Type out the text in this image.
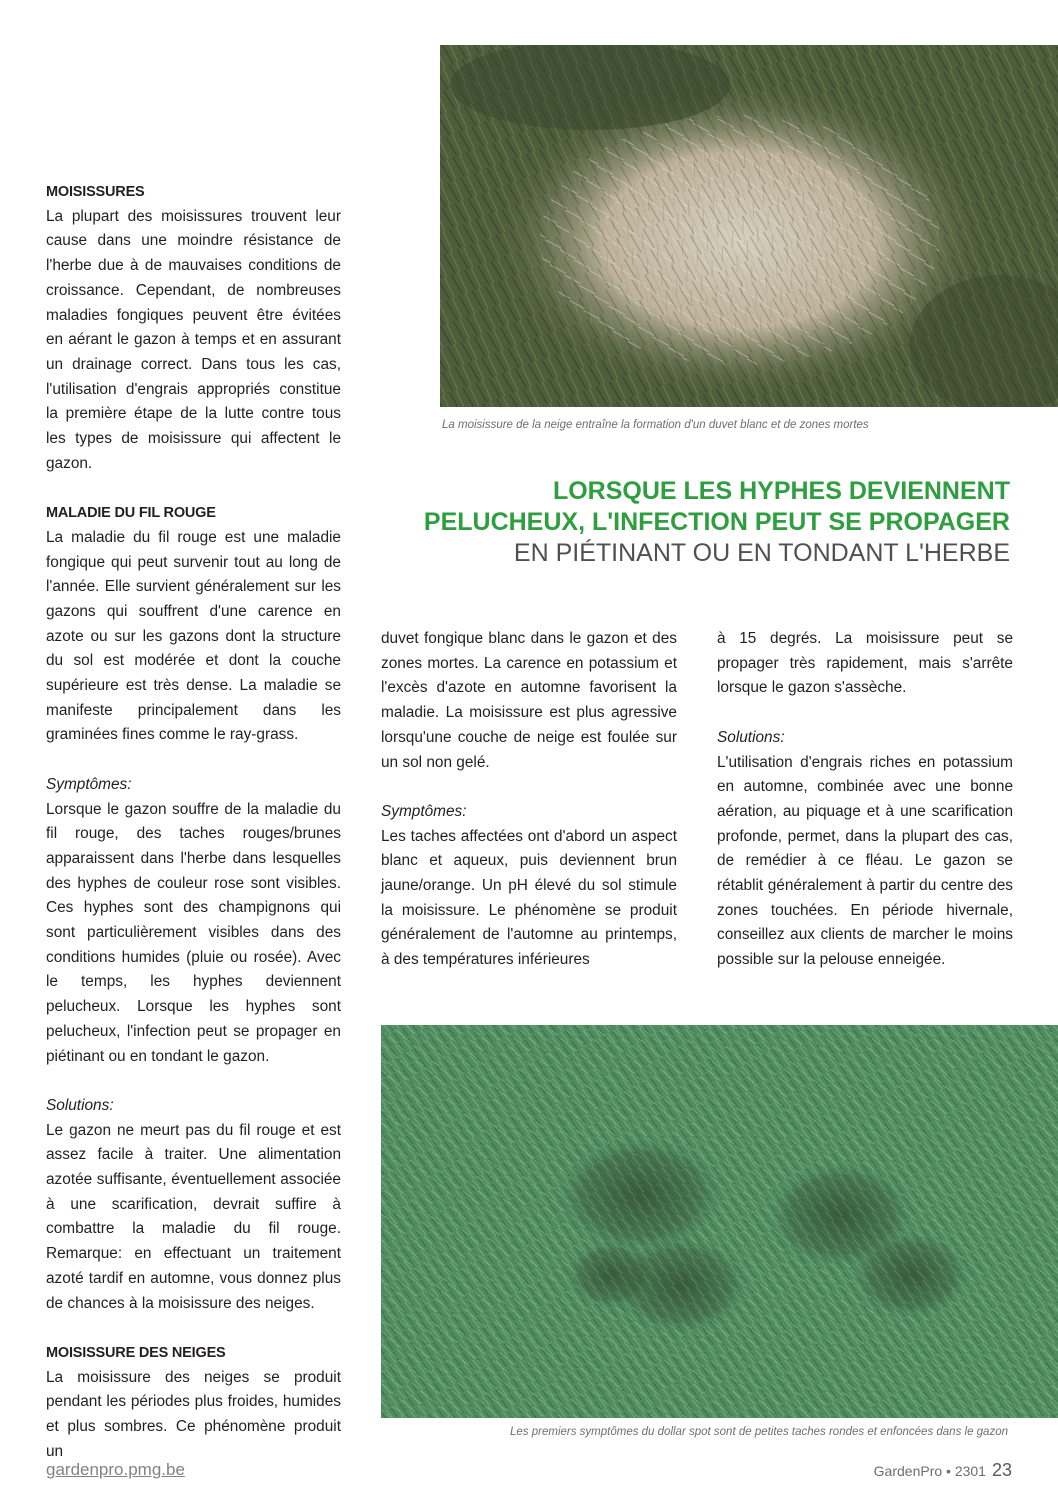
La moisissure de la neige entraîne la formation d'un duvet blanc et de zones mortes
LORSQUE LES HYPHES DEVIENNENT
PELUCHEUX, L'INFECTION PEUT SE PROPAGER
EN PIÉTINANT OU EN TONDANT L'HERBE
MOISISSURES

La plupart des moisissures trouvent leur cause dans une moindre résistance de l'herbe due à de mauvaises conditions de croissance. Cependant, de nombreuses maladies fongiques peuvent être évitées en aérant le gazon à temps et en assurant un drainage correct. Dans tous les cas, l'utilisation d'engrais appropriés constitue la première étape de la lutte contre tous les types de moisissure qui affectent le gazon.

MALADIE DU FIL ROUGE

La maladie du fil rouge est une maladie fongique qui peut survenir tout au long de l'année. Elle survient généralement sur les gazons qui souffrent d'une carence en azote ou sur les gazons dont la structure du sol est modérée et dont la couche supérieure est très dense. La maladie se manifeste principalement dans les graminées fines comme le ray-grass.

Symptômes:

Lorsque le gazon souffre de la maladie du fil rouge, des taches rouges/brunes apparaissent dans l'herbe dans lesquelles des hyphes de couleur rose sont visibles. Ces hyphes sont des champignons qui sont particulièrement visibles dans des conditions humides (pluie ou rosée). Avec le temps, les hyphes deviennent pelucheux. Lorsque les hyphes sont pelucheux, l'infection peut se propager en piétinant ou en tondant le gazon.

Solutions:

Le gazon ne meurt pas du fil rouge et est assez facile à traiter. Une alimentation azotée suffisante, éventuellement associée à une scarification, devrait suffire à combattre la maladie du fil rouge. Remarque: en effectuant un traitement azoté tardif en automne, vous donnez plus de chances à la moisissure des neiges.

MOISISSURE DES NEIGES

La moisissure des neiges se produit pendant les périodes plus froides, humides et plus sombres. Ce phénomène produit un

duvet fongique blanc dans le gazon et des zones mortes. La carence en potassium et l'excès d'azote en automne favorisent la maladie. La moisissure est plus agressive lorsqu'une couche de neige est foulée sur un sol non gelé.

Symptômes:

Les taches affectées ont d'abord un aspect blanc et aqueux, puis deviennent brun jaune/orange. Un pH élevé du sol stimule la moisissure. Le phénomène se produit généralement de l'automne au printemps, à des températures inférieures

à 15 degrés. La moisissure peut se propager très rapidement, mais s'arrête lorsque le gazon s'assèche.

Solutions:

L'utilisation d'engrais riches en potassium en automne, combinée avec une bonne aération, au piquage et à une scarification profonde, permet, dans la plupart des cas, de remédier à ce fléau. Le gazon se rétablit généralement à partir du centre des zones touchées. En période hivernale, conseillez aux clients de marcher le moins possible sur la pelouse enneigée.

Les premiers symptômes du dollar spot sont de petites taches rondes et enfoncées dans le gazon
gardenpro.pmg.be	GardenPro • 2301 23
